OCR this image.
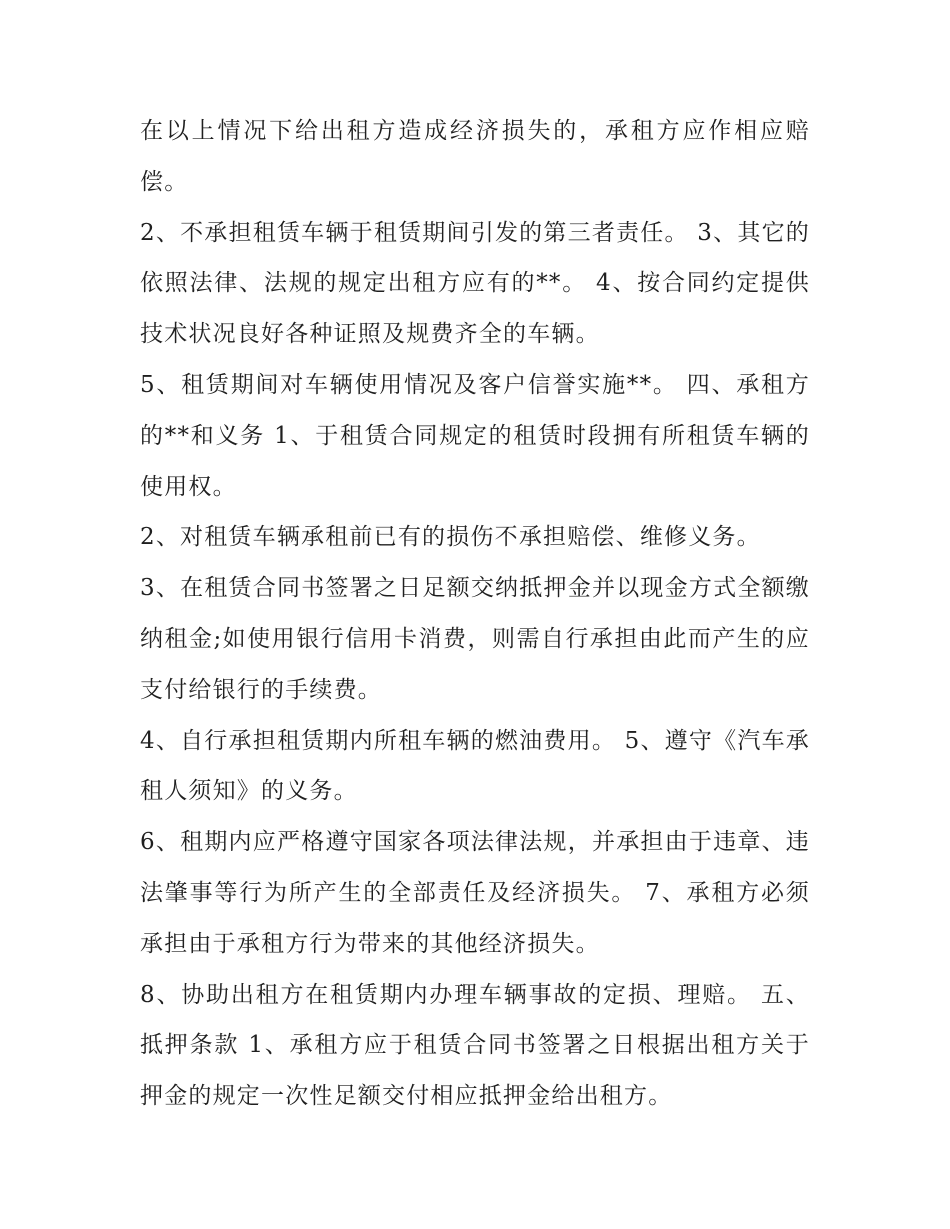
在以上情况下给出租方造成经济损失的，承租方应作相应赔偿。

2、不承担租赁车辆于租赁期间引发的第三者责任。 3、其它的依照法律、法规的规定出租方应有的**。 4、按合同约定提供技术状况良好各种证照及规费齐全的车辆。

5、租赁期间对车辆使用情况及客户信誉实施**。 四、承租方的**和义务 1、于租赁合同规定的租赁时段拥有所租赁车辆的使用权。

2、对租赁车辆承租前已有的损伤不承担赔偿、维修义务。

3、在租赁合同书签署之日足额交纳抵押金并以现金方式全额缴纳租金;如使用银行信用卡消费，则需自行承担由此而产生的应支付给银行的手续费。

4、自行承担租赁期内所租车辆的燃油费用。 5、遵守《汽车承租人须知》的义务。

6、租期内应严格遵守国家各项法律法规，并承担由于违章、违法肇事等行为所产生的全部责任及经济损失。 7、承租方必须承担由于承租方行为带来的其他经济损失。

8、协助出租方在租赁期内办理车辆事故的定损、理赔。 五、抵押条款 1、承租方应于租赁合同书签署之日根据出租方关于押金的规定一次性足额交付相应抵押金给出租方。
